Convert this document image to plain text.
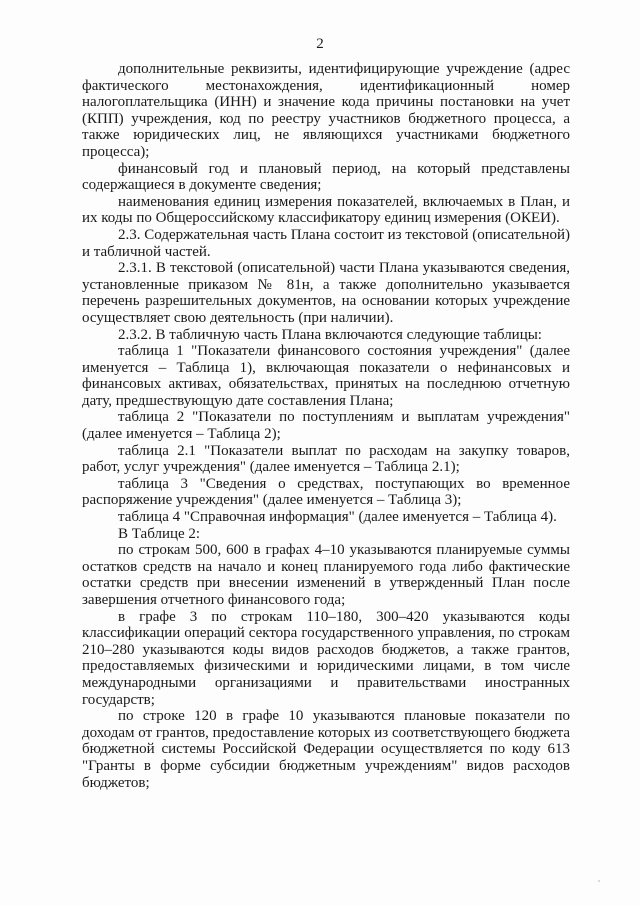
2

дополнительные реквизиты, идентифицирующие учреждение (адрес фактического местонахождения, идентификационный номер налогоплательщика (ИНН) и значение кода причины постановки на учет (КПП) учреждения, код по реестру участников бюджетного процесса, а также юридических лиц, не являющихся участниками бюджетного процесса);

финансовый год и плановый период, на который представлены содержащиеся в документе сведения;

наименования единиц измерения показателей, включаемых в План, и их коды по Общероссийскому классификатору единиц измерения (ОКЕИ).

2.3. Содержательная часть Плана состоит из текстовой (описательной) и табличной частей.

2.3.1. В текстовой (описательной) части Плана указываются сведения, установленные приказом № 81н, а также дополнительно указывается перечень разрешительных документов, на основании которых учреждение осуществляет свою деятельность (при наличии).

2.3.2. В табличную часть Плана включаются следующие таблицы:

таблица 1 "Показатели финансового состояния учреждения" (далее именуется – Таблица 1), включающая показатели о нефинансовых и финансовых активах, обязательствах, принятых на последнюю отчетную дату, предшествующую дате составления Плана;

таблица 2 "Показатели по поступлениям и выплатам учреждения" (далее именуется – Таблица 2);

таблица 2.1 "Показатели выплат по расходам на закупку товаров, работ, услуг учреждения" (далее именуется – Таблица 2.1);

таблица 3 "Сведения о средствах, поступающих во временное распоряжение учреждения" (далее именуется – Таблица 3);

таблица 4 "Справочная информация" (далее именуется – Таблица 4).

В Таблице 2:

по строкам 500, 600 в графах 4–10 указываются планируемые суммы остатков средств на начало и конец планируемого года либо фактические остатки средств при внесении изменений в утвержденный План после завершения отчетного финансового года;

в графе 3 по строкам 110–180, 300–420 указываются коды классификации операций сектора государственного управления, по строкам 210–280 указываются коды видов расходов бюджетов, а также грантов, предоставляемых физическими и юридическими лицами, в том числе международными организациями и правительствами иностранных государств;

по строке 120 в графе 10 указываются плановые показатели по доходам от грантов, предоставление которых из соответствующего бюджета бюджетной системы Российской Федерации осуществляется по коду 613 "Гранты в форме субсидии бюджетным учреждениям" видов расходов бюджетов;
